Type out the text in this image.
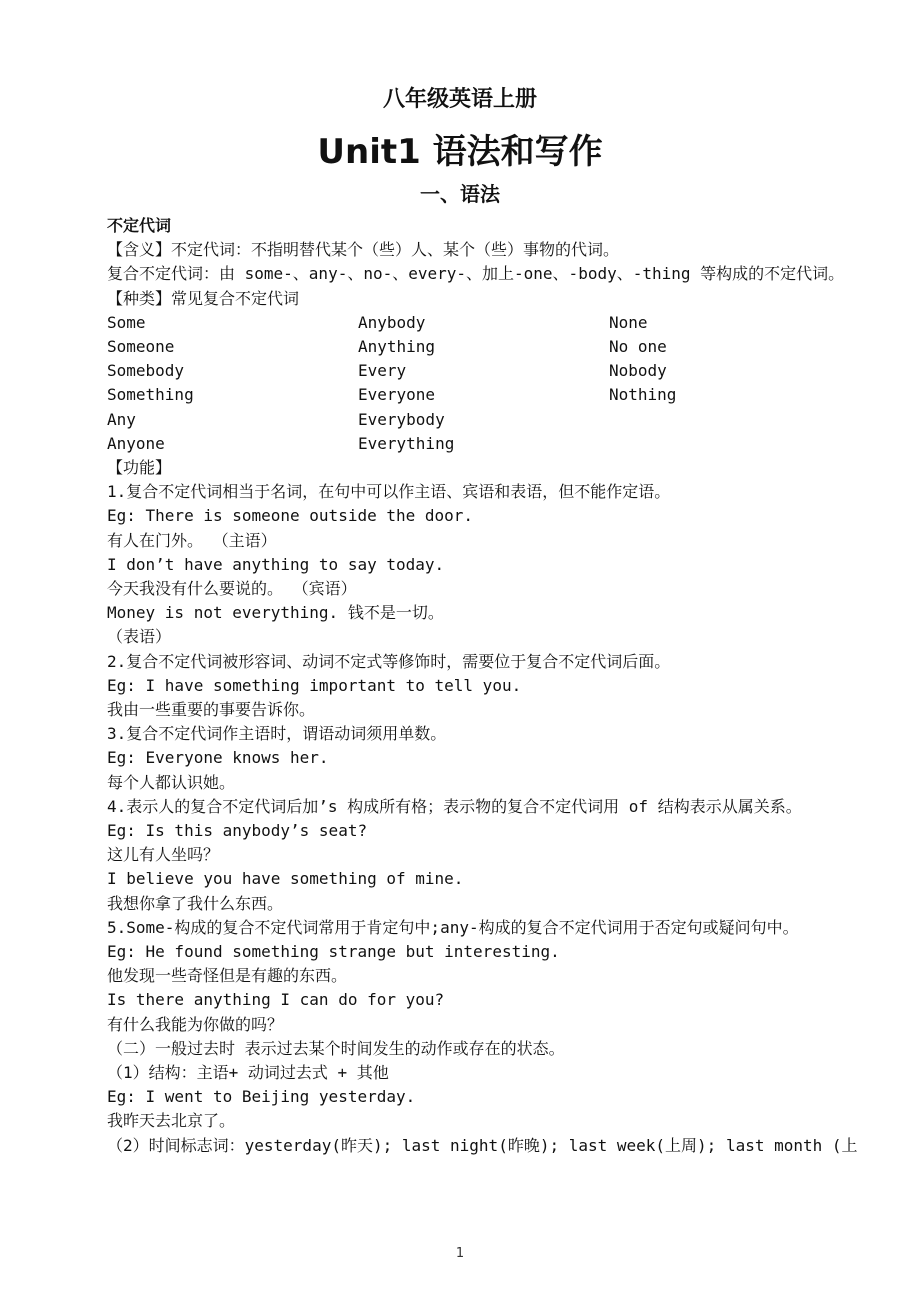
八年级英语上册
Unit1 语法和写作
一、语法
不定代词
【含义】不定代词：不指明替代某个（些）人、某个（些）事物的代词。
复合不定代词：由 some-、any-、no-、every-、加上-one、-body、-thing 等构成的不定代词。
【种类】常见复合不定代词
Some	Anybody	None
Someone	Anything	No one
Somebody	Every	Nobody
Something	Everyone	Nothing
Any	Everybody
Anyone	Everything
【功能】
1.复合不定代词相当于名词，在句中可以作主语、宾语和表语，但不能作定语。
Eg: There is someone outside the door.
有人在门外。 （主语）
I don’t have anything to say today.
今天我没有什么要说的。 （宾语）
Money is not everything. 钱不是一切。
（表语）
2.复合不定代词被形容词、动词不定式等修饰时，需要位于复合不定代词后面。
Eg: I have something important to tell you.
我由一些重要的事要告诉你。
3.复合不定代词作主语时，谓语动词须用单数。
Eg: Everyone knows her.
每个人都认识她。
4.表示人的复合不定代词后加’s 构成所有格；表示物的复合不定代词用 of 结构表示从属关系。
Eg: Is this anybody’s seat?
这儿有人坐吗？
I believe you have something of mine.
我想你拿了我什么东西。
5.Some-构成的复合不定代词常用于肯定句中;any-构成的复合不定代词用于否定句或疑问句中。
Eg: He found something strange but interesting.
他发现一些奇怪但是有趣的东西。
Is there anything I can do for you?
有什么我能为你做的吗？
（二）一般过去时 表示过去某个时间发生的动作或存在的状态。
（1）结构：主语+ 动词过去式 + 其他
Eg: I went to Beijing yesterday.
我昨天去北京了。
（2）时间标志词：yesterday(昨天); last night(昨晚); last week(上周); last month (上
1
